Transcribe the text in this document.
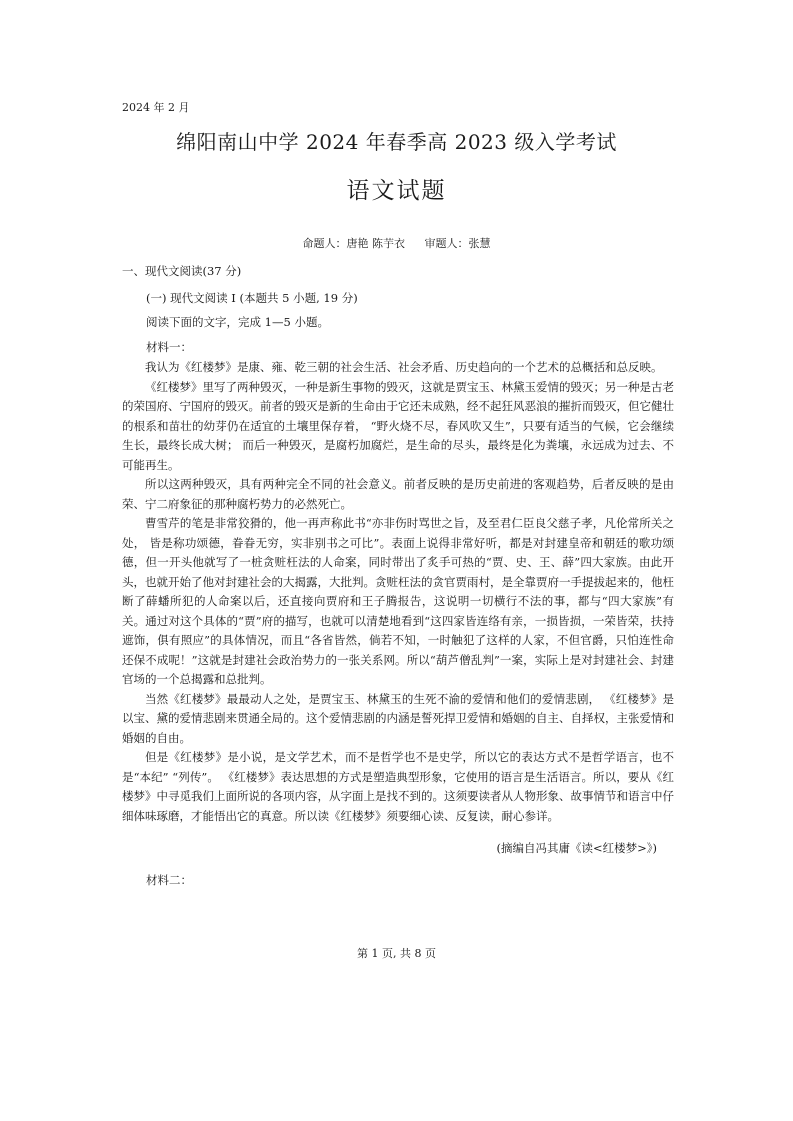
2024 年 2 月
绵阳南山中学 2024 年春季高 2023 级入学考试
语文试题
命题人：唐艳 陈芋衣 审题人：张慧
一、现代文阅读(37 分)
(一) 现代文阅读 I (本题共 5 小题, 19 分)
阅读下面的文字，完成 1—5 小题。
材料一：

我认为《红楼梦》是康、雍、乾三朝的社会生活、社会矛盾、历史趋向的一个艺术的总概括和总反映。

《红楼梦》里写了两种毁灭，一种是新生事物的毁灭，这就是贾宝玉、林黛玉爱情的毁灭；另一种是古老的荣国府、宁国府的毁灭。前者的毁灭是新的生命由于它还未成熟，经不起狂风恶浪的摧折而毁灭，但它健壮的根系和苗壮的幼芽仍在适宜的土壤里保存着， “野火烧不尽，春风吹又生”，只要有适当的气候，它会继续生长，最终长成大树； 而后一种毁灭，是腐朽加腐烂，是生命的尽头，最终是化为粪壤，永远成为过去、不可能再生。

所以这两种毁灭，具有两种完全不同的社会意义。前者反映的是历史前进的客观趋势，后者反映的是由荣、宁二府象征的那种腐朽势力的必然死亡。

曹雪芹的笔是非常狡猾的，他一再声称此书“亦非伤时骂世之旨，及至君仁臣良父慈子孝，凡伦常所关之处， 皆是称功颂德，眷眷无穷，实非别书之可比”。表面上说得非常好听，都是对封建皇帝和朝廷的歌功颂德，但一开头他就写了一桩贪赃枉法的人命案，同时带出了炙手可热的“贾、史、王、薛”四大家族。由此开头，也就开始了他对封建社会的大揭露，大批判。贪赃枉法的贪官贾雨村，是全靠贾府一手提拔起来的，他枉断了薛蟠所犯的人命案以后，还直接向贾府和王子腾报告，这说明一切横行不法的事，都与“四大家族”有关。通过对这个具体的“贾”府的描写，也就可以清楚地看到“这四家皆连络有亲，一损皆损，一荣皆荣，扶持遮饰，俱有照应”的具体情况，而且“各省皆然，倘若不知，一时触犯了这样的人家，不但官爵，只怕连性命还保不成呢！”这就是封建社会政治势力的一张关系网。所以“葫芦僧乱判”一案，实际上是对封建社会、封建官场的一个总揭露和总批判。

当然《红楼梦》最最动人之处，是贾宝玉、林黛玉的生死不渝的爱情和他们的爱情悲剧， 《红楼梦》是以宝、黛的爱情悲剧来贯通全局的。这个爱情悲剧的内涵是誓死捍卫爱情和婚姻的自主、自择权，主张爱情和婚姻的自由。

但是《红楼梦》是小说，是文学艺术，而不是哲学也不是史学，所以它的表达方式不是哲学语言，也不是“本纪” “列传”。 《红楼梦》表达思想的方式是塑造典型形象，它使用的语言是生活语言。所以，要从《红楼梦》中寻觅我们上面所说的各项内容，从字面上是找不到的。这须要读者从人物形象、故事情节和语言中仔细体味琢磨，才能悟出它的真意。所以读《红楼梦》须要细心读、反复读，耐心参详。

(摘编自冯其庸《读<红楼梦>》)
材料二：
第 1 页, 共 8 页
